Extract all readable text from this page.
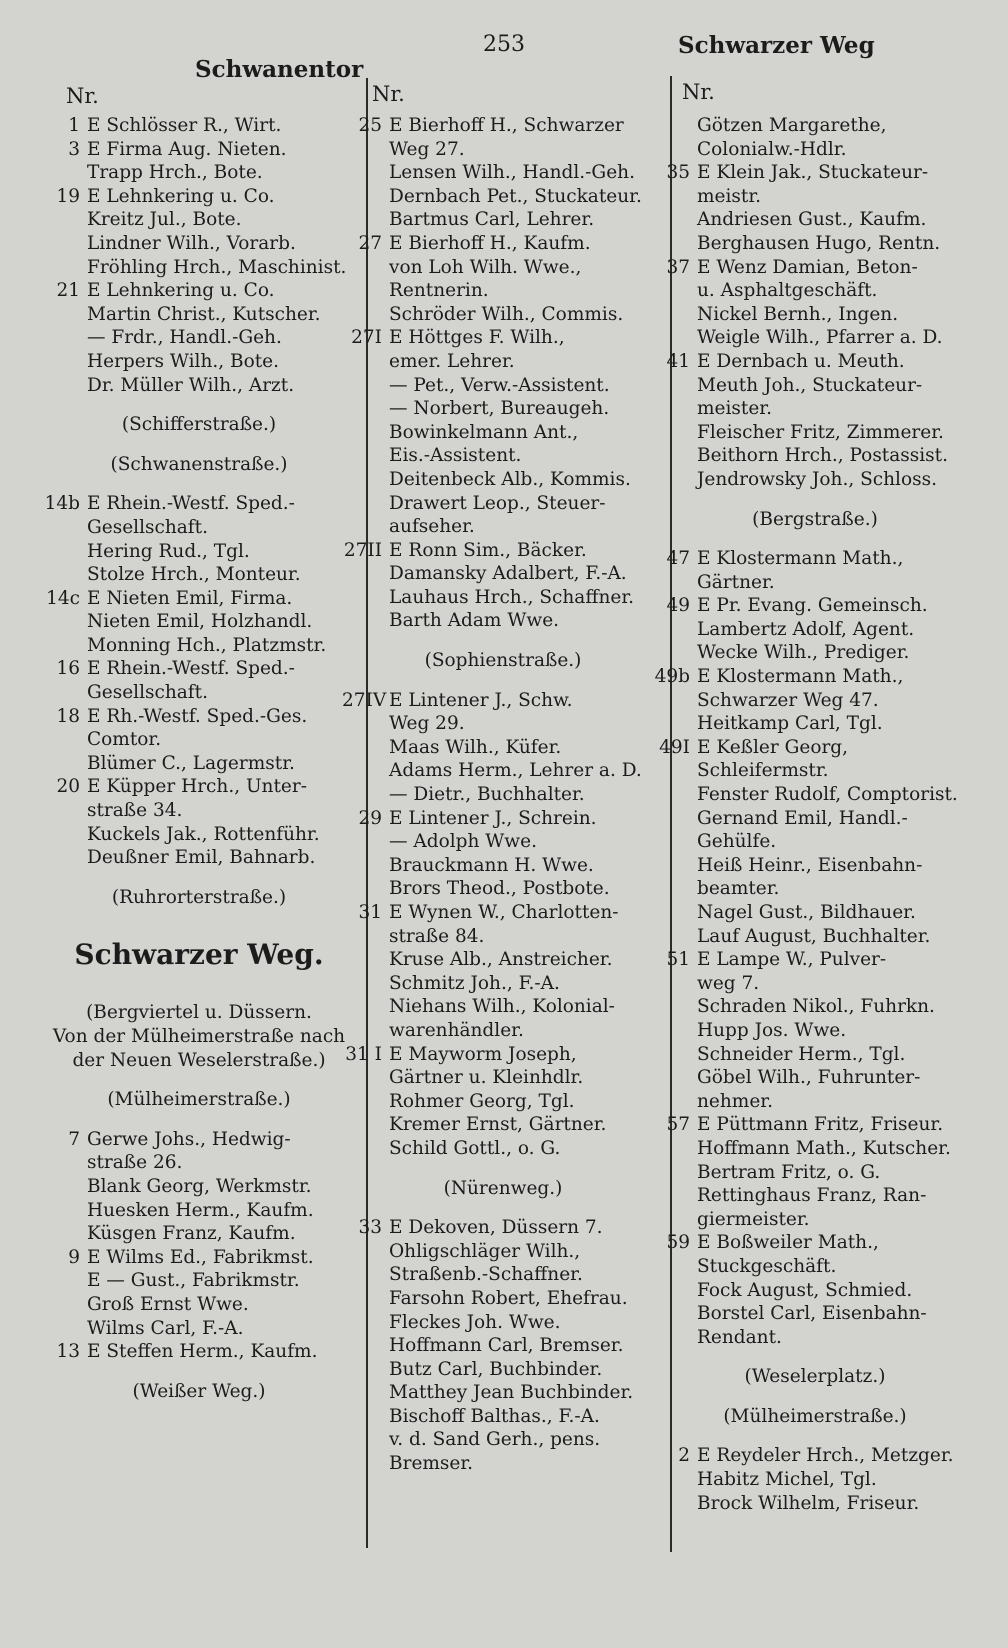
253
Schwanentor
Schwarzer Weg
Nr.	Nr.	Nr.
1 E Schlösser R., Wirt.
3 E Firma Aug. Nieten.
Trapp Hrch., Bote.
19 E Lehnkering u. Co.
Kreitz Jul., Bote.
Lindner Wilh., Vorarb.
Fröhling Hrch., Maschinist.
21 E Lehnkering u. Co.
Martin Christ., Kutscher.
— Frdr., Handl.-Geh.
Herpers Wilh., Bote.
Dr. Müller Wilh., Arzt.
(Schifferstraße.)
(Schwanenstraße.)
14b E Rhein.-Westf. Sped.-
Gesellschaft.
Hering Rud., Tgl.
Stolze Hrch., Monteur.
14c E Nieten Emil, Firma.
Nieten Emil, Holzhandl.
Monning Hch., Platzmstr.
16 E Rhein.-Westf. Sped.-
Gesellschaft.
18 E Rh.-Westf. Sped.-Ges.
Comtor.
Blümer C., Lagermstr.
20 E Küpper Hrch., Unter-
straße 34.
Kuckels Jak., Rottenführ.
Deußner Emil, Bahnarb.
(Ruhrorterstraße.)
Schwarzer Weg.
(Bergviertel u. Düssern.
Von der Mülheimerstraße nach
der Neuen Weselerstraße.)
(Mülheimerstraße.)
7 Gerwe Johs., Hedwig-
straße 26.
Blank Georg, Werkmstr.
Huesken Herm., Kaufm.
Küsgen Franz, Kaufm.
9 E Wilms Ed., Fabrikmst.
E — Gust., Fabrikmstr.
Groß Ernst Wwe.
Wilms Carl, F.-A.
13 E Steffen Herm., Kaufm.
(Weißer Weg.)
25 E Bierhoff H., Schwarzer
Weg 27.
Lensen Wilh., Handl.-Geh.
Dernbach Pet., Stuckateur.
Bartmus Carl, Lehrer.
27 E Bierhoff H., Kaufm.
von Loh Wilh. Wwe.,
Rentnerin.
Schröder Wilh., Commis.
27I E Höttges F. Wilh.,
emer. Lehrer.
— Pet., Verw.-Assistent.
— Norbert, Bureaugeh.
Bowinkelmann Ant.,
Eis.-Assistent.
Deitenbeck Alb., Kommis.
Drawert Leop., Steuer-
aufseher.
27II E Ronn Sim., Bäcker.
Damansky Adalbert, F.-A.
Lauhaus Hrch., Schaffner.
Barth Adam Wwe.
(Sophienstraße.)
27IV E Lintener J., Schw.
Weg 29.
Maas Wilh., Küfer.
Adams Herm., Lehrer a. D.
— Dietr., Buchhalter.
29 E Lintener J., Schrein.
— Adolph Wwe.
Brauckmann H. Wwe.
Brors Theod., Postbote.
31 E Wynen W., Charlotten-
straße 84.
Kruse Alb., Anstreicher.
Schmitz Joh., F.-A.
Niehans Wilh., Kolonial-
warenhändler.
31 I E Mayworm Joseph,
Gärtner u. Kleinhdlr.
Rohmer Georg, Tgl.
Kremer Ernst, Gärtner.
Schild Gottl., o. G.
(Nürenweg.)
33 E Dekoven, Düssern 7.
Ohligschläger Wilh.,
Straßenb.-Schaffner.
Farsohn Robert, Ehefrau.
Fleckes Joh. Wwe.
Hoffmann Carl, Bremser.
Butz Carl, Buchbinder.
Matthey Jean Buchbinder.
Bischoff Balthas., F.-A.
v. d. Sand Gerh., pens.
Bremser.
Götzen Margarethe,
Colonialw.-Hdlr.
35 E Klein Jak., Stuckateur-
meistr.
Andriesen Gust., Kaufm.
Berghausen Hugo, Rentn.
37 E Wenz Damian, Beton-
u. Asphaltgeschäft.
Nickel Bernh., Ingen.
Weigle Wilh., Pfarrer a. D.
41 E Dernbach u. Meuth.
Meuth Joh., Stuckateur-
meister.
Fleischer Fritz, Zimmerer.
Beithorn Hrch., Postassist.
Jendrowsky Joh., Schloss.
(Bergstraße.)
47 E Klostermann Math.,
Gärtner.
49 E Pr. Evang. Gemeinsch.
Lambertz Adolf, Agent.
Wecke Wilh., Prediger.
49b E Klostermann Math.,
Schwarzer Weg 47.
Heitkamp Carl, Tgl.
49I E Keßler Georg,
Schleifermstr.
Fenster Rudolf, Comptorist.
Gernand Emil, Handl.-
Gehülfe.
Heiß Heinr., Eisenbahn-
beamter.
Nagel Gust., Bildhauer.
Lauf August, Buchhalter.
51 E Lampe W., Pulver-
weg 7.
Schraden Nikol., Fuhrkn.
Hupp Jos. Wwe.
Schneider Herm., Tgl.
Göbel Wilh., Fuhrunter-
nehmer.
57 E Püttmann Fritz, Friseur.
Hoffmann Math., Kutscher.
Bertram Fritz, o. G.
Rettinghaus Franz, Ran-
giermeister.
59 E Boßweiler Math.,
Stuckgeschäft.
Fock August, Schmied.
Borstel Carl, Eisenbahn-
Rendant.
(Weselerplatz.)
(Mülheimerstraße.)
2 E Reydeler Hrch., Metzger.
Habitz Michel, Tgl.
Brock Wilhelm, Friseur.
